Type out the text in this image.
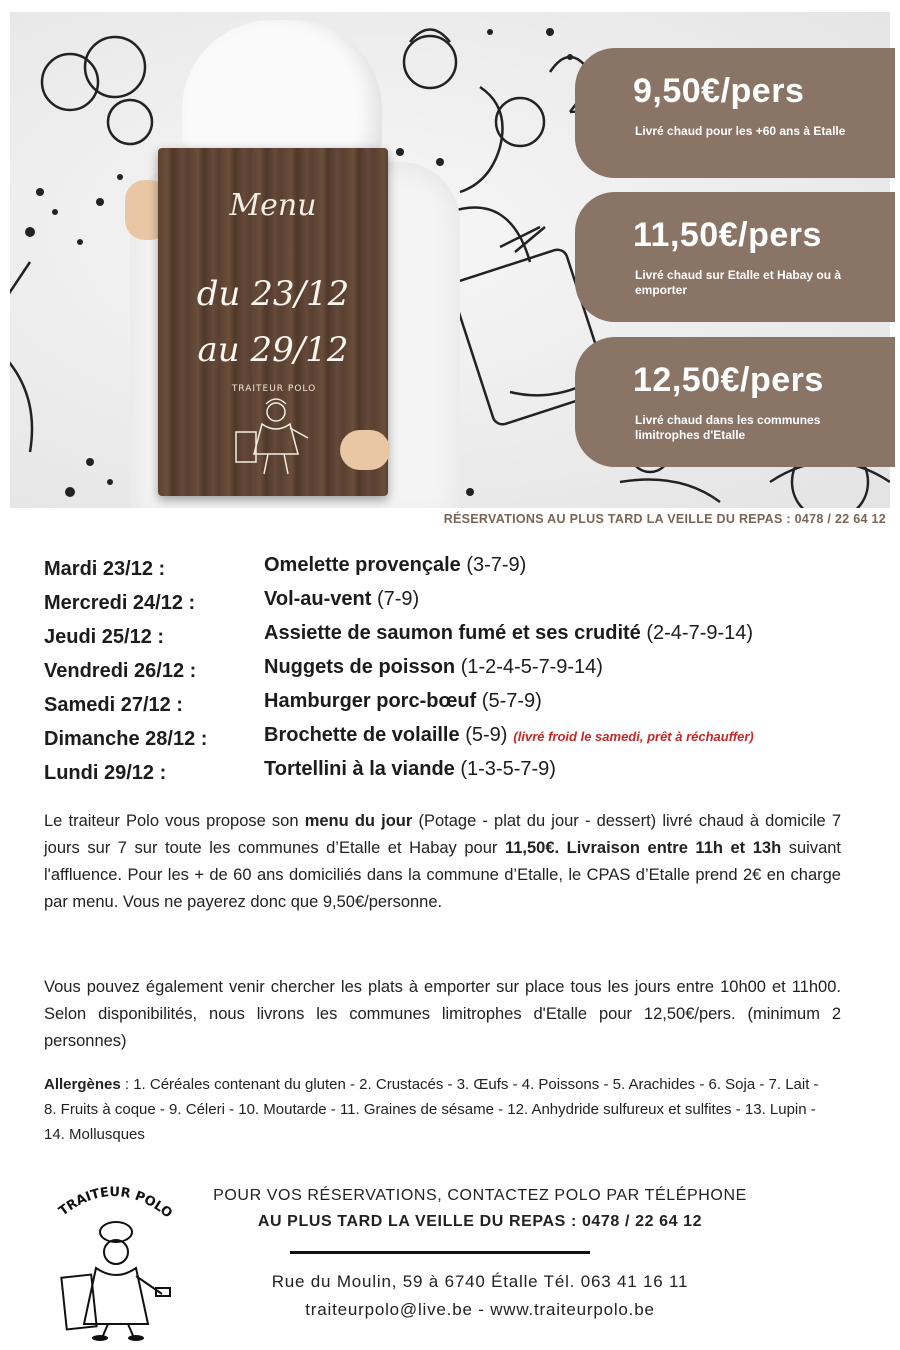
Menu
du 23/12
au 29/12
TRAITEUR POLO
9,50€/pers
Livré chaud pour les +60 ans à Etalle
11,50€/pers
Livré chaud sur Etalle et Habay ou à emporter
12,50€/pers
Livré chaud dans les communes limitrophes d'Etalle
RÉSERVATIONS AU PLUS TARD LA VEILLE DU REPAS : 0478 / 22 64 12
Mardi 23/12 :	Omelette provençale (3-7-9)
Mercredi 24/12 :	Vol-au-vent (7-9)
Jeudi 25/12 :	Assiette de saumon fumé et ses crudité (2-4-7-9-14)
Vendredi 26/12 :	Nuggets de poisson (1-2-4-5-7-9-14)
Samedi 27/12 :	Hamburger porc-bœuf (5-7-9)
Dimanche 28/12 :	Brochette de volaille (5-9) (livré froid le samedi, prêt à réchauffer)
Lundi 29/12 :	Tortellini à la viande (1-3-5-7-9)
Le traiteur Polo vous propose son menu du jour (Potage - plat du jour - dessert) livré chaud à domicile 7 jours sur 7 sur toute les communes d’Etalle et Habay pour 11,50€. Livraison entre 11h et 13h suivant l'affluence. Pour les + de 60 ans domiciliés dans la commune d’Etalle, le CPAS d’Etalle prend 2€ en charge par menu. Vous ne payerez donc que 9,50€/personne.
Vous pouvez également venir chercher les plats à emporter sur place tous les jours entre 10h00 et 11h00. Selon disponibilités, nous livrons les communes limitrophes d'Etalle pour 12,50€/pers. (minimum 2 personnes)
Allergènes : 1. Céréales contenant du gluten - 2. Crustacés - 3. Œufs - 4. Poissons - 5. Arachides - 6. Soja - 7. Lait - 8. Fruits à coque - 9. Céleri - 10. Moutarde - 11. Graines de sésame - 12. Anhydride sulfureux et sulfites - 13. Lupin - 14. Mollusques
TRAITEUR POLO
POUR VOS RÉSERVATIONS, CONTACTEZ POLO PAR TÉLÉPHONE
AU PLUS TARD LA VEILLE DU REPAS : 0478 / 22 64 12
Rue du Moulin, 59 à 6740 Étalle Tél. 063 41 16 11
traiteurpolo@live.be - www.traiteurpolo.be
